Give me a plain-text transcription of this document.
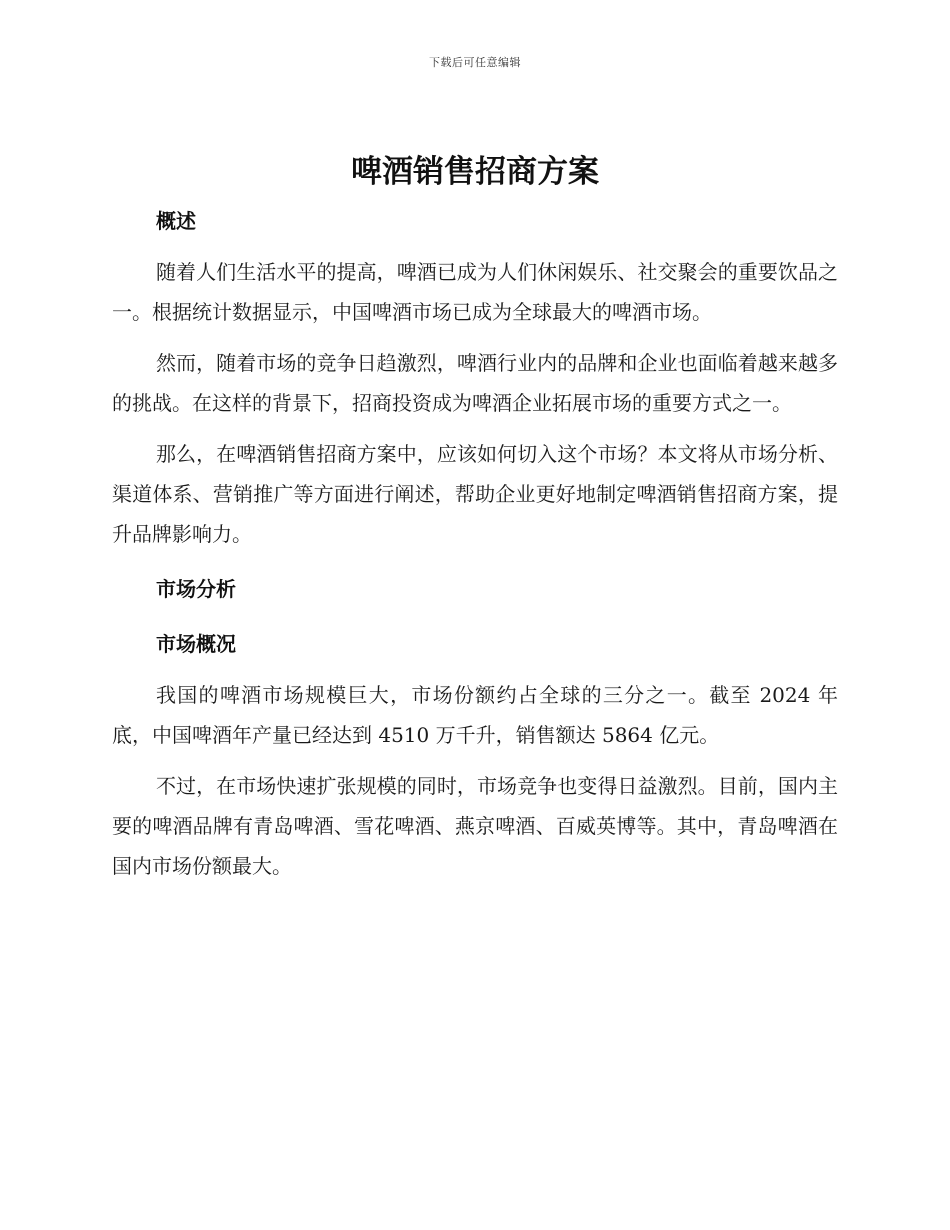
下载后可任意编辑
啤酒销售招商方案
概述

随着人们生活水平的提高，啤酒已成为人们休闲娱乐、社交聚会的重要饮品之一。根据统计数据显示，中国啤酒市场已成为全球最大的啤酒市场。

然而，随着市场的竞争日趋激烈，啤酒行业内的品牌和企业也面临着越来越多的挑战。在这样的背景下，招商投资成为啤酒企业拓展市场的重要方式之一。

那么，在啤酒销售招商方案中，应该如何切入这个市场？本文将从市场分析、渠道体系、营销推广等方面进行阐述，帮助企业更好地制定啤酒销售招商方案，提升品牌影响力。

市场分析
市场概况

我国的啤酒市场规模巨大，市场份额约占全球的三分之一。截至 2024 年底，中国啤酒年产量已经达到 4510 万千升，销售额达 5864 亿元。

不过，在市场快速扩张规模的同时，市场竞争也变得日益激烈。目前，国内主要的啤酒品牌有青岛啤酒、雪花啤酒、燕京啤酒、百威英博等。其中，青岛啤酒在国内市场份额最大。
